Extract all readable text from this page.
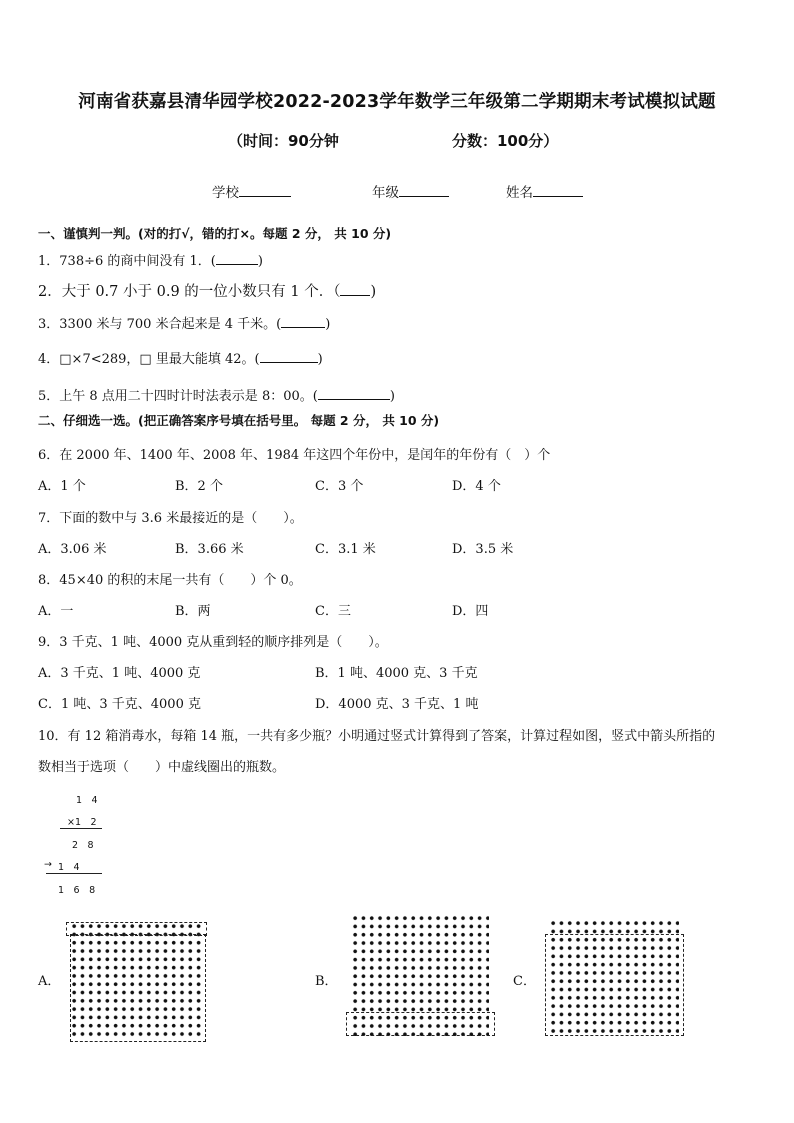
河南省获嘉县清华园学校2022-2023学年数学三年级第二学期期末考试模拟试题
（时间：90分钟	分数：100分）
学校	年级	姓名
一、谨慎判一判。(对的打√，错的打×。每题 2 分， 共 10 分)
1．738÷6 的商中间没有 1．(	)
2．大于 0.7 小于 0.9 的一位小数只有 1 个．（ )
3．3300 米与 700 米合起来是 4 千米。(	)
4．□×7<289，□ 里最大能填 42。(	)
5．上午 8 点用二十四时计时法表示是 8：00。(	)
二、仔细选一选。(把正确答案序号填在括号里。 每题 2 分， 共 10 分)
6．在 2000 年、1400 年、2008 年、1984 年这四个年份中，是闰年的年份有（　）个
A．1 个	B．2 个	C．3 个	D．4 个
7．下面的数中与 3.6 米最接近的是（　　）。
A．3.06 米	B．3.66 米	C．3.1 米	D．3.5 米
8．45×40 的积的末尾一共有（　　）个 0。
A．一	B．两	C．三	D．四
9．3 千克、1 吨、4000 克从重到轻的顺序排列是（　　）。
A．3 千克、1 吨、4000 克	B．1 吨、4000 克、3 千克
C．1 吨、3 千克、4000 克	D．4000 克、3 千克、1 吨
10．有 12 箱消毒水，每箱 14 瓶，一共有多少瓶？小明通过竖式计算得到了答案，计算过程如图，竖式中箭头所指的
数相当于选项（　　）中虚线圈出的瓶数。
1　4
×1　2
2　8
→ 1　4
1　6　8
A．	B．	C．
